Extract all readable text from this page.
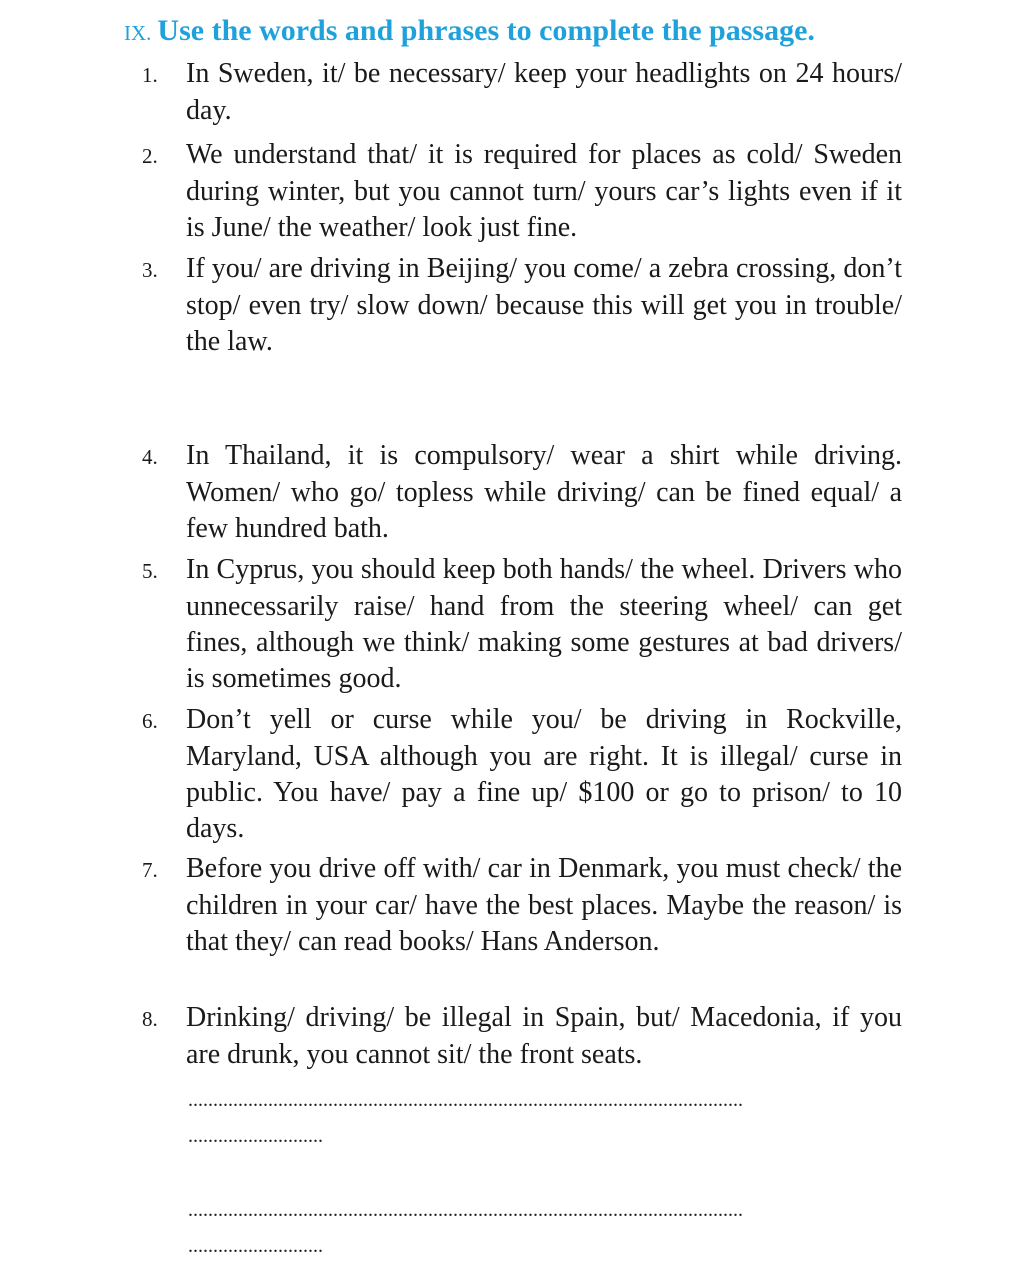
IX. Use the words and phrases to complete the passage.
1. In Sweden, it/ be necessary/ keep your headlights on 24 hours/ day.
2. We understand that/ it is required for places as cold/ Sweden during winter, but you cannot turn/ yours car’s lights even if it is June/ the weather/ look just fine.
3. If you/ are driving in Beijing/ you come/ a zebra crossing, don’t stop/ even try/ slow down/ because this will get you in trouble/ the law.
4. In Thailand, it is compulsory/ wear a shirt while driving. Women/ who go/ topless while driving/ can be fined equal/ a few hundred bath.
5. In Cyprus, you should keep both hands/ the wheel. Drivers who unnecessarily raise/ hand from the steering wheel/ can get fines, although we think/ making some gestures at bad drivers/ is sometimes good.
6. Don’t yell or curse while you/ be driving in Rockville, Maryland, USA although you are right. It is illegal/ curse in public. You have/ pay a fine up/ $100 or go to prison/ to 10 days.
7. Before you drive off with/ car in Denmark, you must check/ the children in your car/ have the best places. Maybe the reason/ is that they/ can read books/ Hans Anderson.
8. Drinking/ driving/ be illegal in Spain, but/ Macedonia, if you are drunk, you cannot sit/ the front seats.
...............................................................................................................
...........................
...............................................................................................................
...........................
